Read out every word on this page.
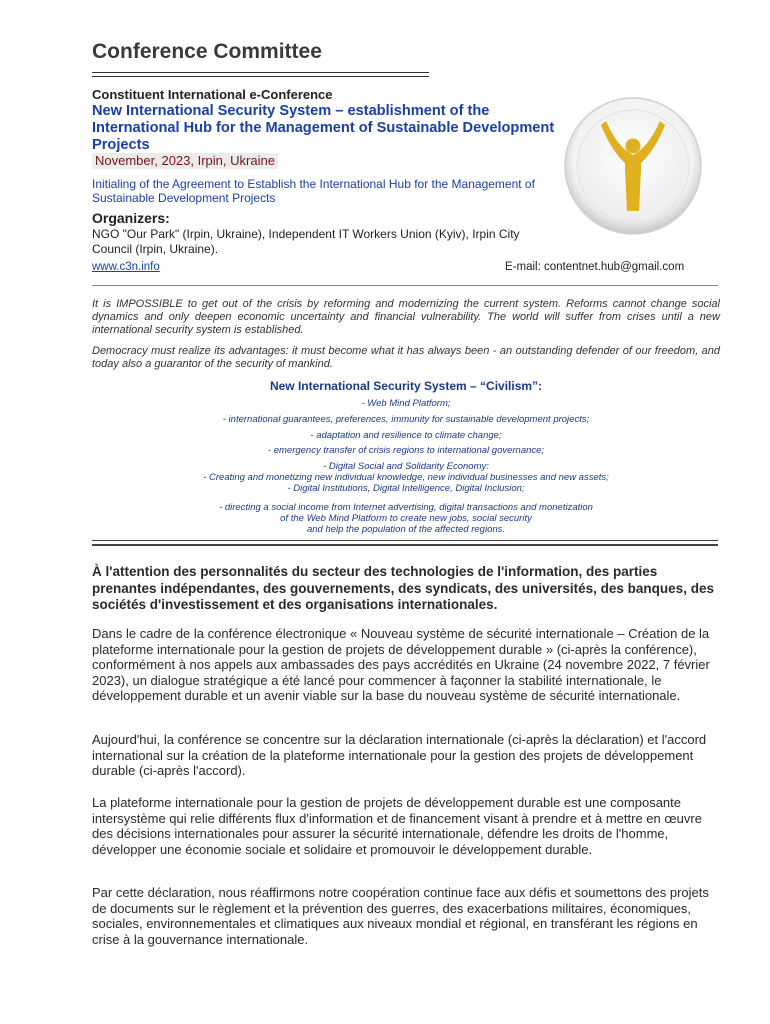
Conference Committee
Constituent International e-Conference
New International Security System – establishment of the International Hub for the Management of Sustainable Development Projects
November, 2023, Irpin, Ukraine
Initialing of the Agreement to Establish the International Hub for the Management of Sustainable Development Projects
Organizers:
NGO "Our Park" (Irpin, Ukraine), Independent IT Workers Union (Kyiv), Irpin City Council (Irpin, Ukraine).
www.c3n.info	E-mail: contentnet.hub@gmail.com
It is IMPOSSIBLE to get out of the crisis by reforming and modernizing the current system. Reforms cannot change social dynamics and only deepen economic uncertainty and financial vulnerability. The world will suffer from crises until a new international security system is established.
Democracy must realize its advantages: it must become what it has always been - an outstanding defender of our freedom, and today also a guarantor of the security of mankind.
New International Security System – “Civilism”:
- Web Mind Platform;
- international guarantees, preferences, immunity for sustainable development projects;
- adaptation and resilience to climate change;
- emergency transfer of crisis regions to international governance;
- Digital Social and Solidarity Economy:
- Creating and monetizing new individual knowledge, new individual businesses and new assets;
- Digital Institutions, Digital Intelligence, Digital Inclusion;
- directing a social income from Internet advertising, digital transactions and monetization
of the Web Mind Platform to create new jobs, social security
and help the population of the affected regions.
À l'attention des personnalités du secteur des technologies de l'information, des parties prenantes indépendantes, des gouvernements, des syndicats, des universités, des banques, des sociétés d'investissement et des organisations internationales.
Dans le cadre de la conférence électronique « Nouveau système de sécurité internationale – Création de la plateforme internationale pour la gestion de projets de développement durable » (ci-après la conférence), conformément à nos appels aux ambassades des pays accrédités en Ukraine (24 novembre 2022, 7 février 2023), un dialogue stratégique a été lancé pour commencer à façonner la stabilité internationale, le développement durable et un avenir viable sur la base du nouveau système de sécurité internationale.
Aujourd'hui, la conférence se concentre sur la déclaration internationale (ci-après la déclaration) et l'accord international sur la création de la plateforme internationale pour la gestion des projets de développement durable (ci-après l'accord).
La plateforme internationale pour la gestion de projets de développement durable est une composante intersystème qui relie différents flux d'information et de financement visant à prendre et à mettre en œuvre des décisions internationales pour assurer la sécurité internationale, défendre les droits de l'homme, développer une économie sociale et solidaire et promouvoir le développement durable.
Par cette déclaration, nous réaffirmons notre coopération continue face aux défis et soumettons des projets de documents sur le règlement et la prévention des guerres, des exacerbations militaires, économiques, sociales, environnementales et climatiques aux niveaux mondial et régional, en transférant les régions en crise à la gouvernance internationale.
